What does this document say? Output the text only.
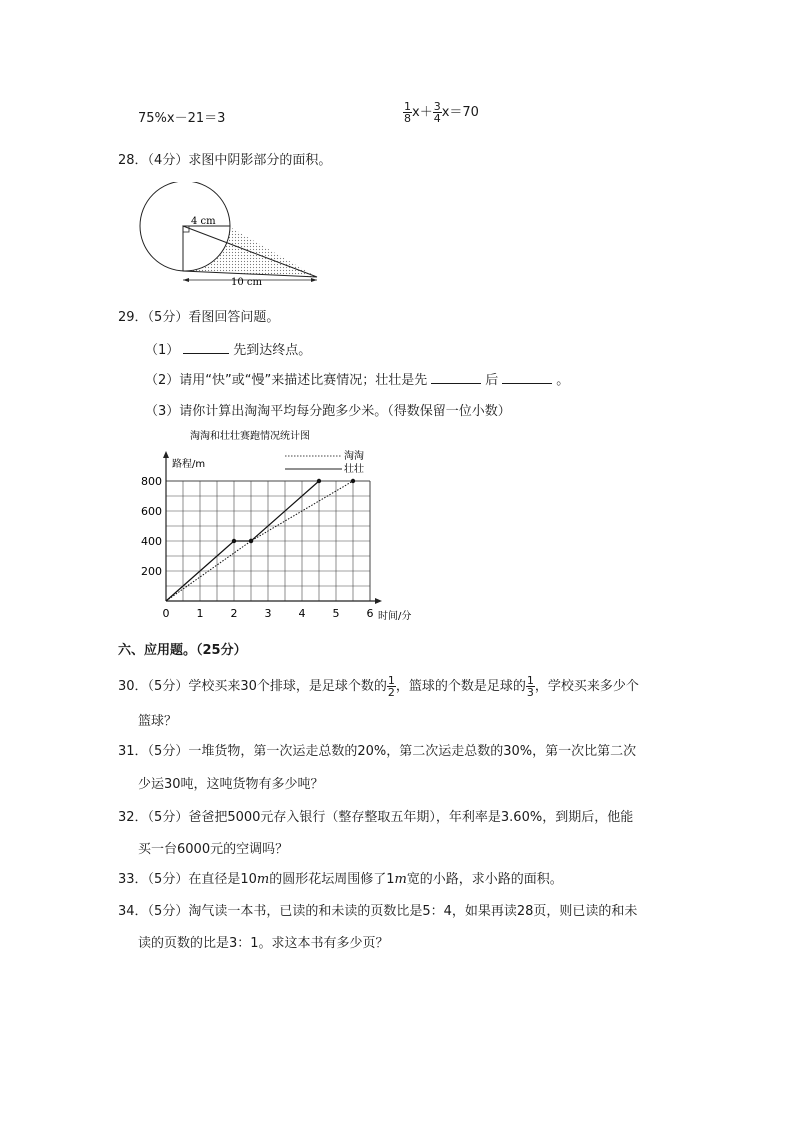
75%x－21＝3	$\frac{1}{8} x+ \frac{3}{4} x=70$
28．（4分）求图中阴影部分的面积。
4 cm
10 cm
29．（5分）看图回答问题。
（1）	先到达终点。
（2）请用“快”或“慢”来描述比赛情况；壮壮是先	后	。
（3）请你计算出淘淘平均每分跑多少米。（得数保留一位小数）
淘淘和壮壮赛跑情况统计图
路程/m
时间/分
淘淘
壮壮
0 1 2 3 4 5 6
200
400
600
800
六、应用题。（25分）
30．（5分）学校买来30个排球，是足球个数的 $\frac{1}{2}$ ，篮球的个数是足球的 $\frac{1}{3}$ ，学校买来多少个
篮球？
31．（5分）一堆货物，第一次运走总数的20%，第二次运走总数的30%，第一次比第二次
少运30吨，这吨货物有多少吨？
32．（5分）爸爸把5000元存入银行（整存整取五年期），年利率是3.60%，到期后，他能
买一台6000元的空调吗？
33．（5分）在直径是10m的圆形花坛周围修了1m宽的小路，求小路的面积。
34．（5分）淘气读一本书，已读的和未读的页数比是5：4，如果再读28页，则已读的和未
读的页数的比是3：1。求这本书有多少页？
